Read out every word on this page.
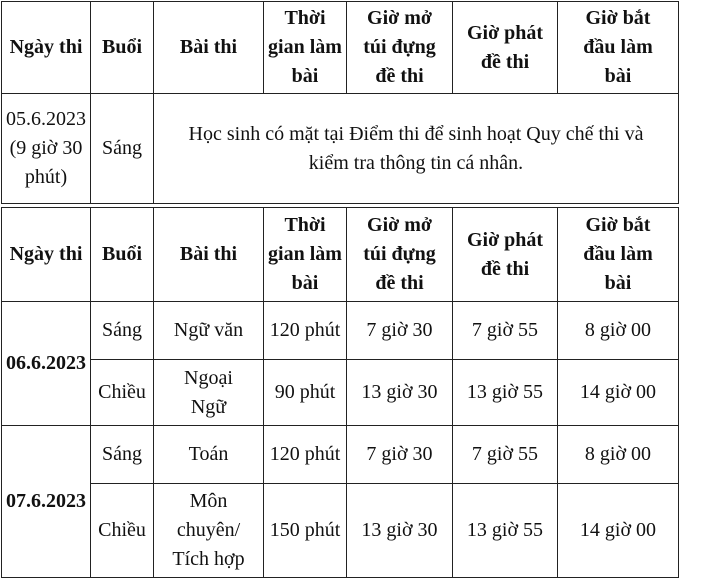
Ngày thi	Buổi	Bài thi	Thời
gian làm
bài	Giờ mở
túi đựng
đề thi	Giờ phát
đề thi	Giờ bắt
đầu làm
bài
05.6.2023
(9 giờ 30
phút)	Sáng	Học sinh có mặt tại Điểm thi để sinh hoạt Quy chế thi và
kiểm tra thông tin cá nhân.				
Ngày thi	Buổi	Bài thi	Thời
gian làm
bài	Giờ mở
túi đựng
đề thi	Giờ phát
đề thi	Giờ bắt
đầu làm
bài
06.6.2023	Sáng	Ngữ văn	120 phút	7 giờ 30	7 giờ 55	8 giờ 00
	Chiều	Ngoại
Ngữ	90 phút	13 giờ 30	13 giờ 55	14 giờ 00
07.6.2023	Sáng	Toán	120 phút	7 giờ 30	7 giờ 55	8 giờ 00
	Chiều	Môn
chuyên/
Tích hợp	150 phút	13 giờ 30	13 giờ 55	14 giờ 00
